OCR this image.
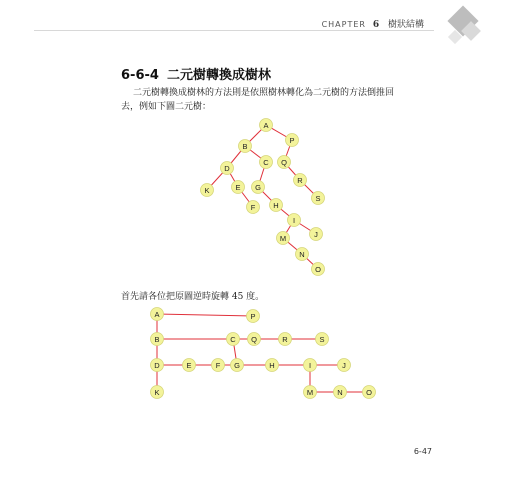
CHAPTER 6 樹狀結構
6-6-4 二元樹轉換成樹林
二元樹轉換成樹林的方法則是依照樹林轉化為二元樹的方法倒推回去，例如下圖二元樹：
A
B
P
D
C Q
K	E G
R
F H
S
I
M	J
N
O
首先請各位把原圖逆時旋轉 45 度。
A	P
B	C Q	R	S
D	E	F G	H	I	J
K	M	N	O
6-47
